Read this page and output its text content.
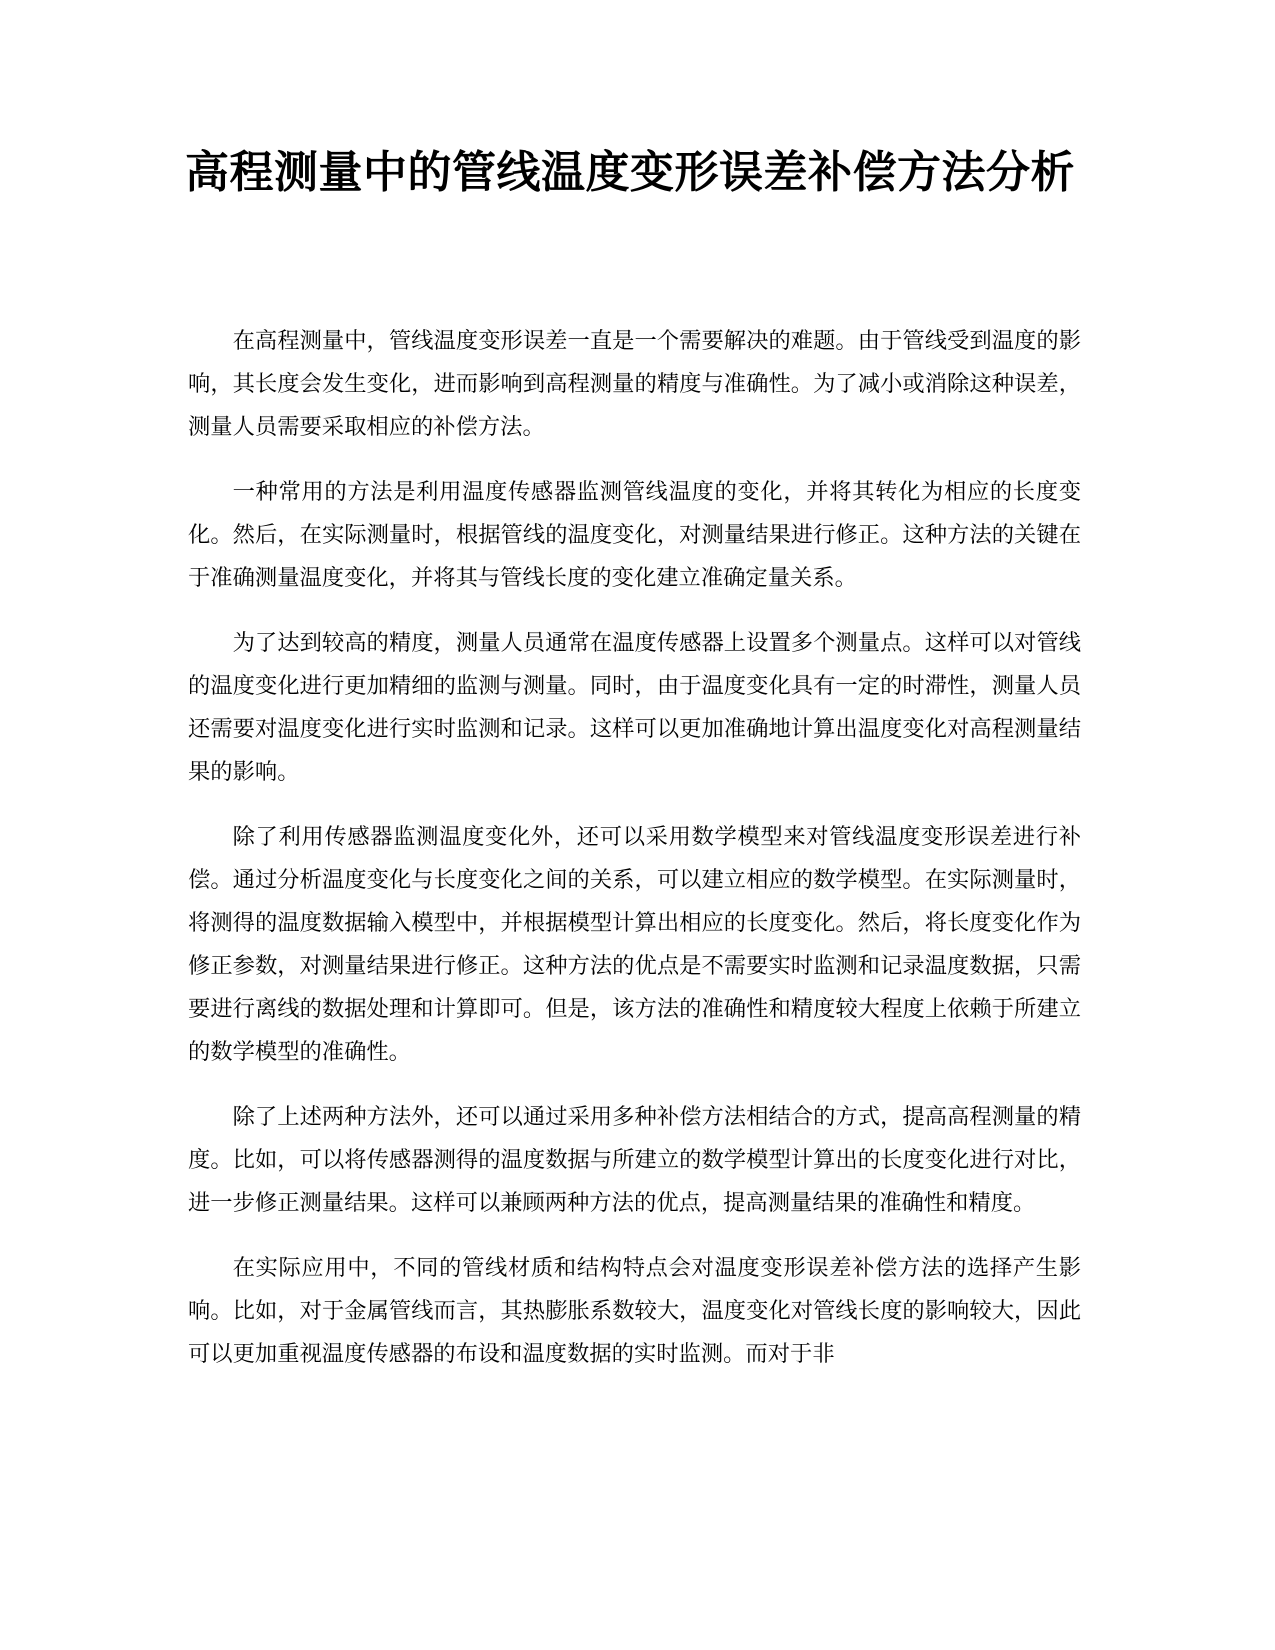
高程测量中的管线温度变形误差补偿方法分析

在高程测量中，管线温度变形误差一直是一个需要解决的难题。由于管线受到温度的影响，其长度会发生变化，进而影响到高程测量的精度与准确性。为了减小或消除这种误差，测量人员需要采取相应的补偿方法。

一种常用的方法是利用温度传感器监测管线温度的变化，并将其转化为相应的长度变化。然后，在实际测量时，根据管线的温度变化，对测量结果进行修正。这种方法的关键在于准确测量温度变化，并将其与管线长度的变化建立准确定量关系。

为了达到较高的精度，测量人员通常在温度传感器上设置多个测量点。这样可以对管线的温度变化进行更加精细的监测与测量。同时，由于温度变化具有一定的时滞性，测量人员还需要对温度变化进行实时监测和记录。这样可以更加准确地计算出温度变化对高程测量结果的影响。

除了利用传感器监测温度变化外，还可以采用数学模型来对管线温度变形误差进行补偿。通过分析温度变化与长度变化之间的关系，可以建立相应的数学模型。在实际测量时，将测得的温度数据输入模型中，并根据模型计算出相应的长度变化。然后，将长度变化作为修正参数，对测量结果进行修正。这种方法的优点是不需要实时监测和记录温度数据，只需要进行离线的数据处理和计算即可。但是，该方法的准确性和精度较大程度上依赖于所建立的数学模型的准确性。

除了上述两种方法外，还可以通过采用多种补偿方法相结合的方式，提高高程测量的精度。比如，可以将传感器测得的温度数据与所建立的数学模型计算出的长度变化进行对比，进一步修正测量结果。这样可以兼顾两种方法的优点，提高测量结果的准确性和精度。

在实际应用中，不同的管线材质和结构特点会对温度变形误差补偿方法的选择产生影响。比如，对于金属管线而言，其热膨胀系数较大，温度变化对管线长度的影响较大，因此可以更加重视温度传感器的布设和温度数据的实时监测。而对于非
